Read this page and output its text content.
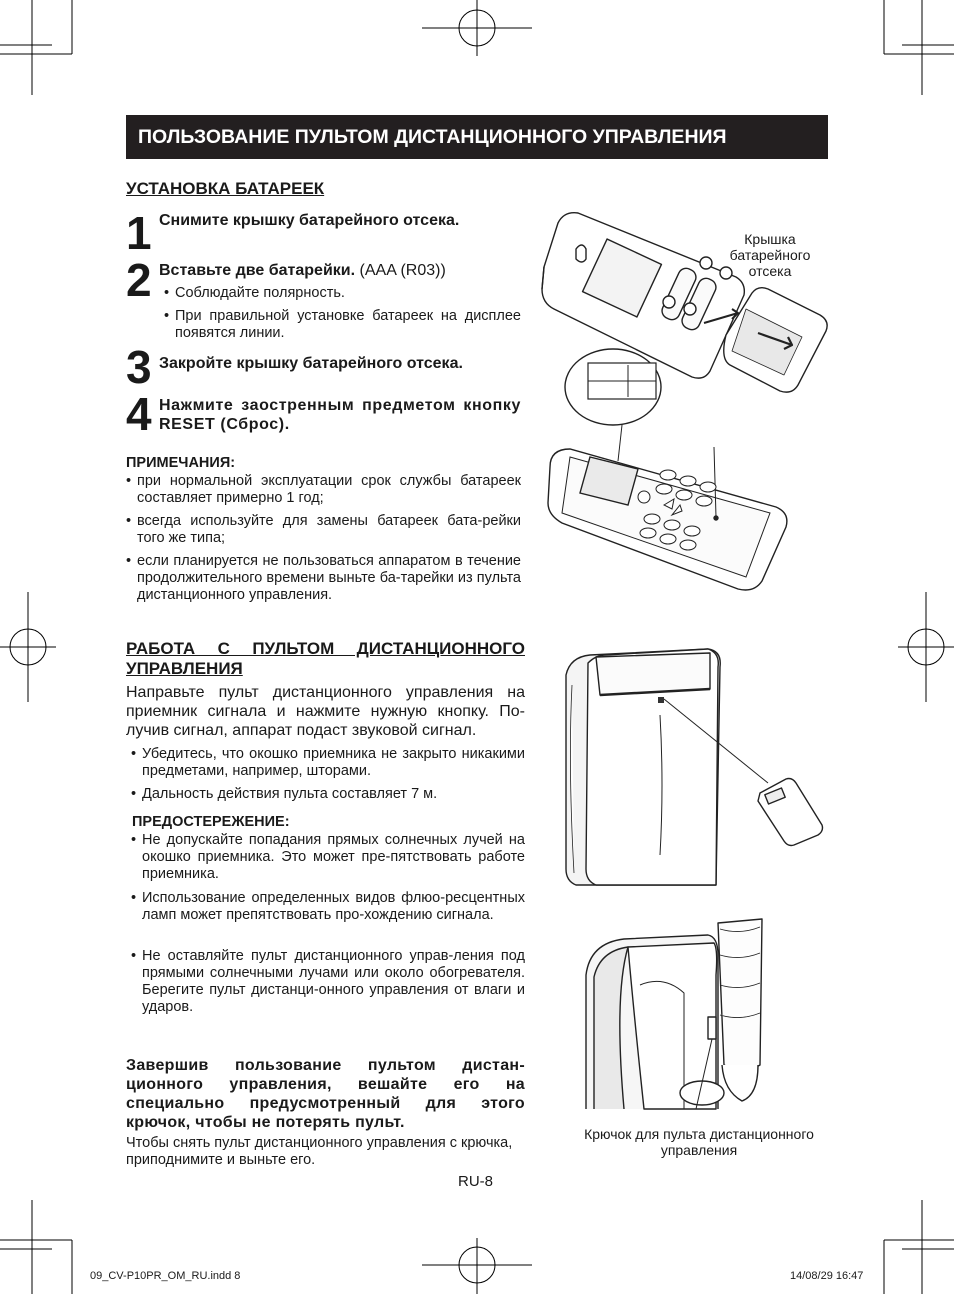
ПОЛЬЗОВАНИЕ ПУЛЬТОМ ДИСТАНЦИОННОГО УПРАВЛЕНИЯ
УСТАНОВКА БАТАРЕЕК
1 Снимите крышку батарейного отсека.
2 Вставьте две батарейки. (AAA (R03))
• Соблюдайте полярность.
• При правильной установке батареек на дисплее появятся линии.
3 Закройте крышку батарейного отсека.
4 Нажмите заостренным предметом кнопку RESET (Сброс).
ПРИМЕЧАНИЯ:
• при нормальной эксплуатации срок службы батареек составляет примерно 1 год;
• всегда используйте для замены батареек бата-рейки того же типа;
• если планируется не пользоваться аппаратом в течение продолжительного времени выньте ба-тарейки из пульта дистанционного управления.
РАБОТА С ПУЛЬТОМ ДИСТАНЦИОННОГО УПРАВЛЕНИЯ
Направьте пульт дистанционного управления на приемник сигнала и нажмите нужную кнопку. По-лучив сигнал, аппарат подаст звуковой сигнал.
• Убедитесь, что окошко приемника не закрыто никакими предметами, например, шторами.
• Дальность действия пульта составляет 7 м.
ПРЕДОСТЕРЕЖЕНИЕ:
• Не допускайте попадания прямых солнечных лучей на окошко приемника. Это может пре-пятствовать работе приемника.
• Использование определенных видов флюо-ресцентных ламп может препятствовать про-хождению сигнала.
• Не оставляйте пульт дистанционного управ-ления под прямыми солнечными лучами или около обогревателя. Берегите пульт дистанци-онного управления от влаги и ударов.
Завершив пользование пультом дистан-ционного управления, вешайте его на специально предусмотренный для этого крючок, чтобы не потерять пульт.
Чтобы снять пульт дистанционного управления с крючка, приподнимите и выньте его.
RU-8
09_CV-P10PR_OM_RU.indd 8	14/08/29 16:47
Крышка батарейного отсека
Крючок для пульта дистанционного управления
